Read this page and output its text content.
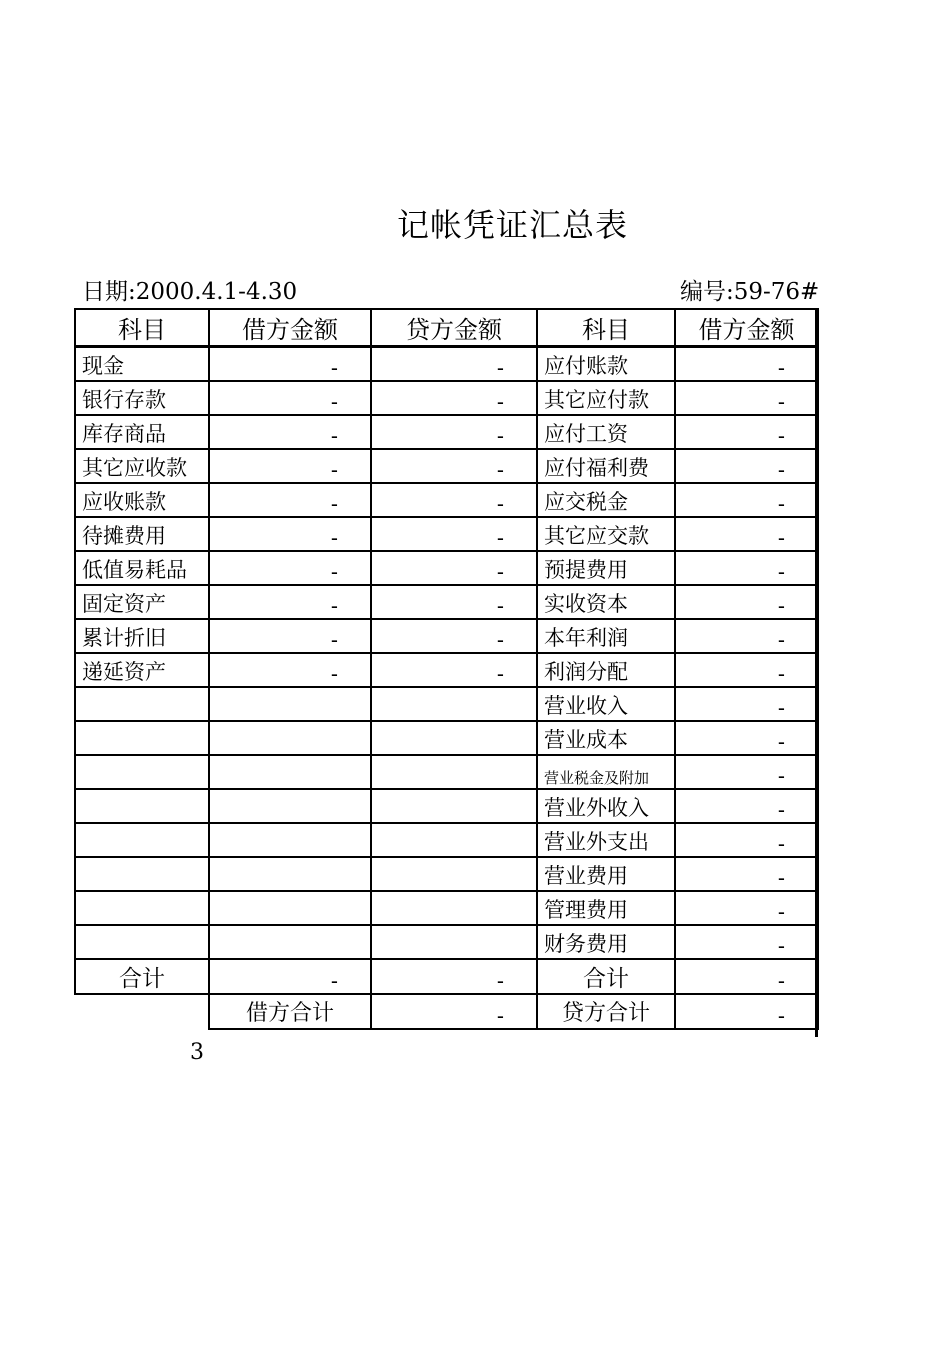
记帐凭证汇总表
日期:2000.4.1-4.30	编号:59-76#
科目	借方金额	贷方金额	科目	借方金额
现金	-	-	应付账款	-
银行存款	-	-	其它应付款	-
库存商品	-	-	应付工资	-
其它应收款	-	-	应付福利费	-
应收账款	-	-	应交税金	-
待摊费用	-	-	其它应交款	-
低值易耗品	-	-	预提费用	-
固定资产	-	-	实收资本	-
累计折旧	-	-	本年利润	-
递延资产	-	-	利润分配	-
			营业收入	-
			营业成本	-
			营业税金及附加	-
			营业外收入	-
			营业外支出	-
			营业费用	-
			管理费用	-
			财务费用	-
合计	-	-	合计	-
	借方合计	-	贷方合计	-
3
